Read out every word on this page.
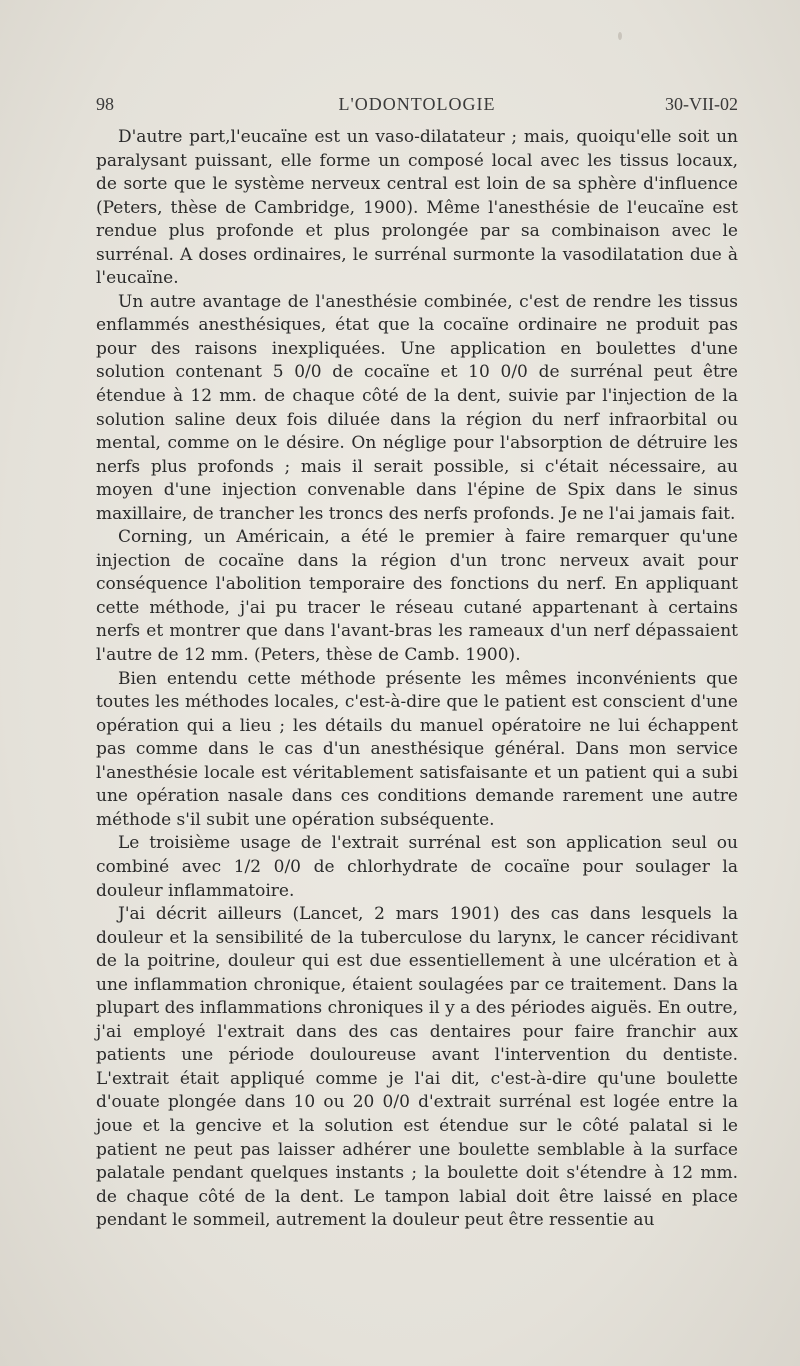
98	L'ODONTOLOGIE	30-VII-02

D'autre part,l'eucaïne est un vaso-dilatateur ; mais, quoiqu'elle soit un paralysant puissant, elle forme un composé local avec les tissus locaux, de sorte que le système nerveux central est loin de sa sphère d'influence (Peters, thèse de Cambridge, 1900). Même l'anesthésie de l'eucaïne est rendue plus profonde et plus prolongée par sa combinaison avec le surrénal. A doses ordinaires, le surrénal surmonte la vasodilatation due à l'eucaïne.

Un autre avantage de l'anesthésie combinée, c'est de rendre les tissus enflammés anesthésiques, état que la cocaïne ordinaire ne produit pas pour des raisons inexpliquées. Une application en boulettes d'une solution contenant 5 0/0 de cocaïne et 10 0/0 de surrénal peut être étendue à 12 mm. de chaque côté de la dent, suivie par l'injection de la solution saline deux fois diluée dans la région du nerf infraorbital ou mental, comme on le désire. On néglige pour l'absorption de détruire les nerfs plus profonds ; mais il serait possible, si c'était nécessaire, au moyen d'une injection convenable dans l'épine de Spix dans le sinus maxillaire, de trancher les troncs des nerfs profonds. Je ne l'ai jamais fait.

Corning, un Américain, a été le premier à faire remarquer qu'une injection de cocaïne dans la région d'un tronc nerveux avait pour conséquence l'abolition temporaire des fonctions du nerf. En appliquant cette méthode, j'ai pu tracer le réseau cutané appartenant à certains nerfs et montrer que dans l'avant-bras les rameaux d'un nerf dépassaient l'autre de 12 mm. (Peters, thèse de Camb. 1900).

Bien entendu cette méthode présente les mêmes inconvénients que toutes les méthodes locales, c'est-à-dire que le patient est conscient d'une opération qui a lieu ; les détails du manuel opératoire ne lui échappent pas comme dans le cas d'un anesthésique général. Dans mon service l'anesthésie locale est véritablement satisfaisante et un patient qui a subi une opération nasale dans ces conditions demande rarement une autre méthode s'il subit une opération subséquente.

Le troisième usage de l'extrait surrénal est son application seul ou combiné avec 1/2 0/0 de chlorhydrate de cocaïne pour soulager la douleur inflammatoire.

J'ai décrit ailleurs (Lancet, 2 mars 1901) des cas dans lesquels la douleur et la sensibilité de la tuberculose du larynx, le cancer récidivant de la poitrine, douleur qui est due essentiellement à une ulcération et à une inflammation chronique, étaient soulagées par ce traitement. Dans la plupart des inflammations chroniques il y a des périodes aiguës. En outre, j'ai employé l'extrait dans des cas dentaires pour faire franchir aux patients une période douloureuse avant l'intervention du dentiste. L'extrait était appliqué comme je l'ai dit, c'est-à-dire qu'une boulette d'ouate plongée dans 10 ou 20 0/0 d'extrait surrénal est logée entre la joue et la gencive et la solution est étendue sur le côté palatal si le patient ne peut pas laisser adhérer une boulette semblable à la surface palatale pendant quelques instants ; la boulette doit s'étendre à 12 mm. de chaque côté de la dent. Le tampon labial doit être laissé en place pendant le sommeil, autrement la douleur peut être ressentie au
